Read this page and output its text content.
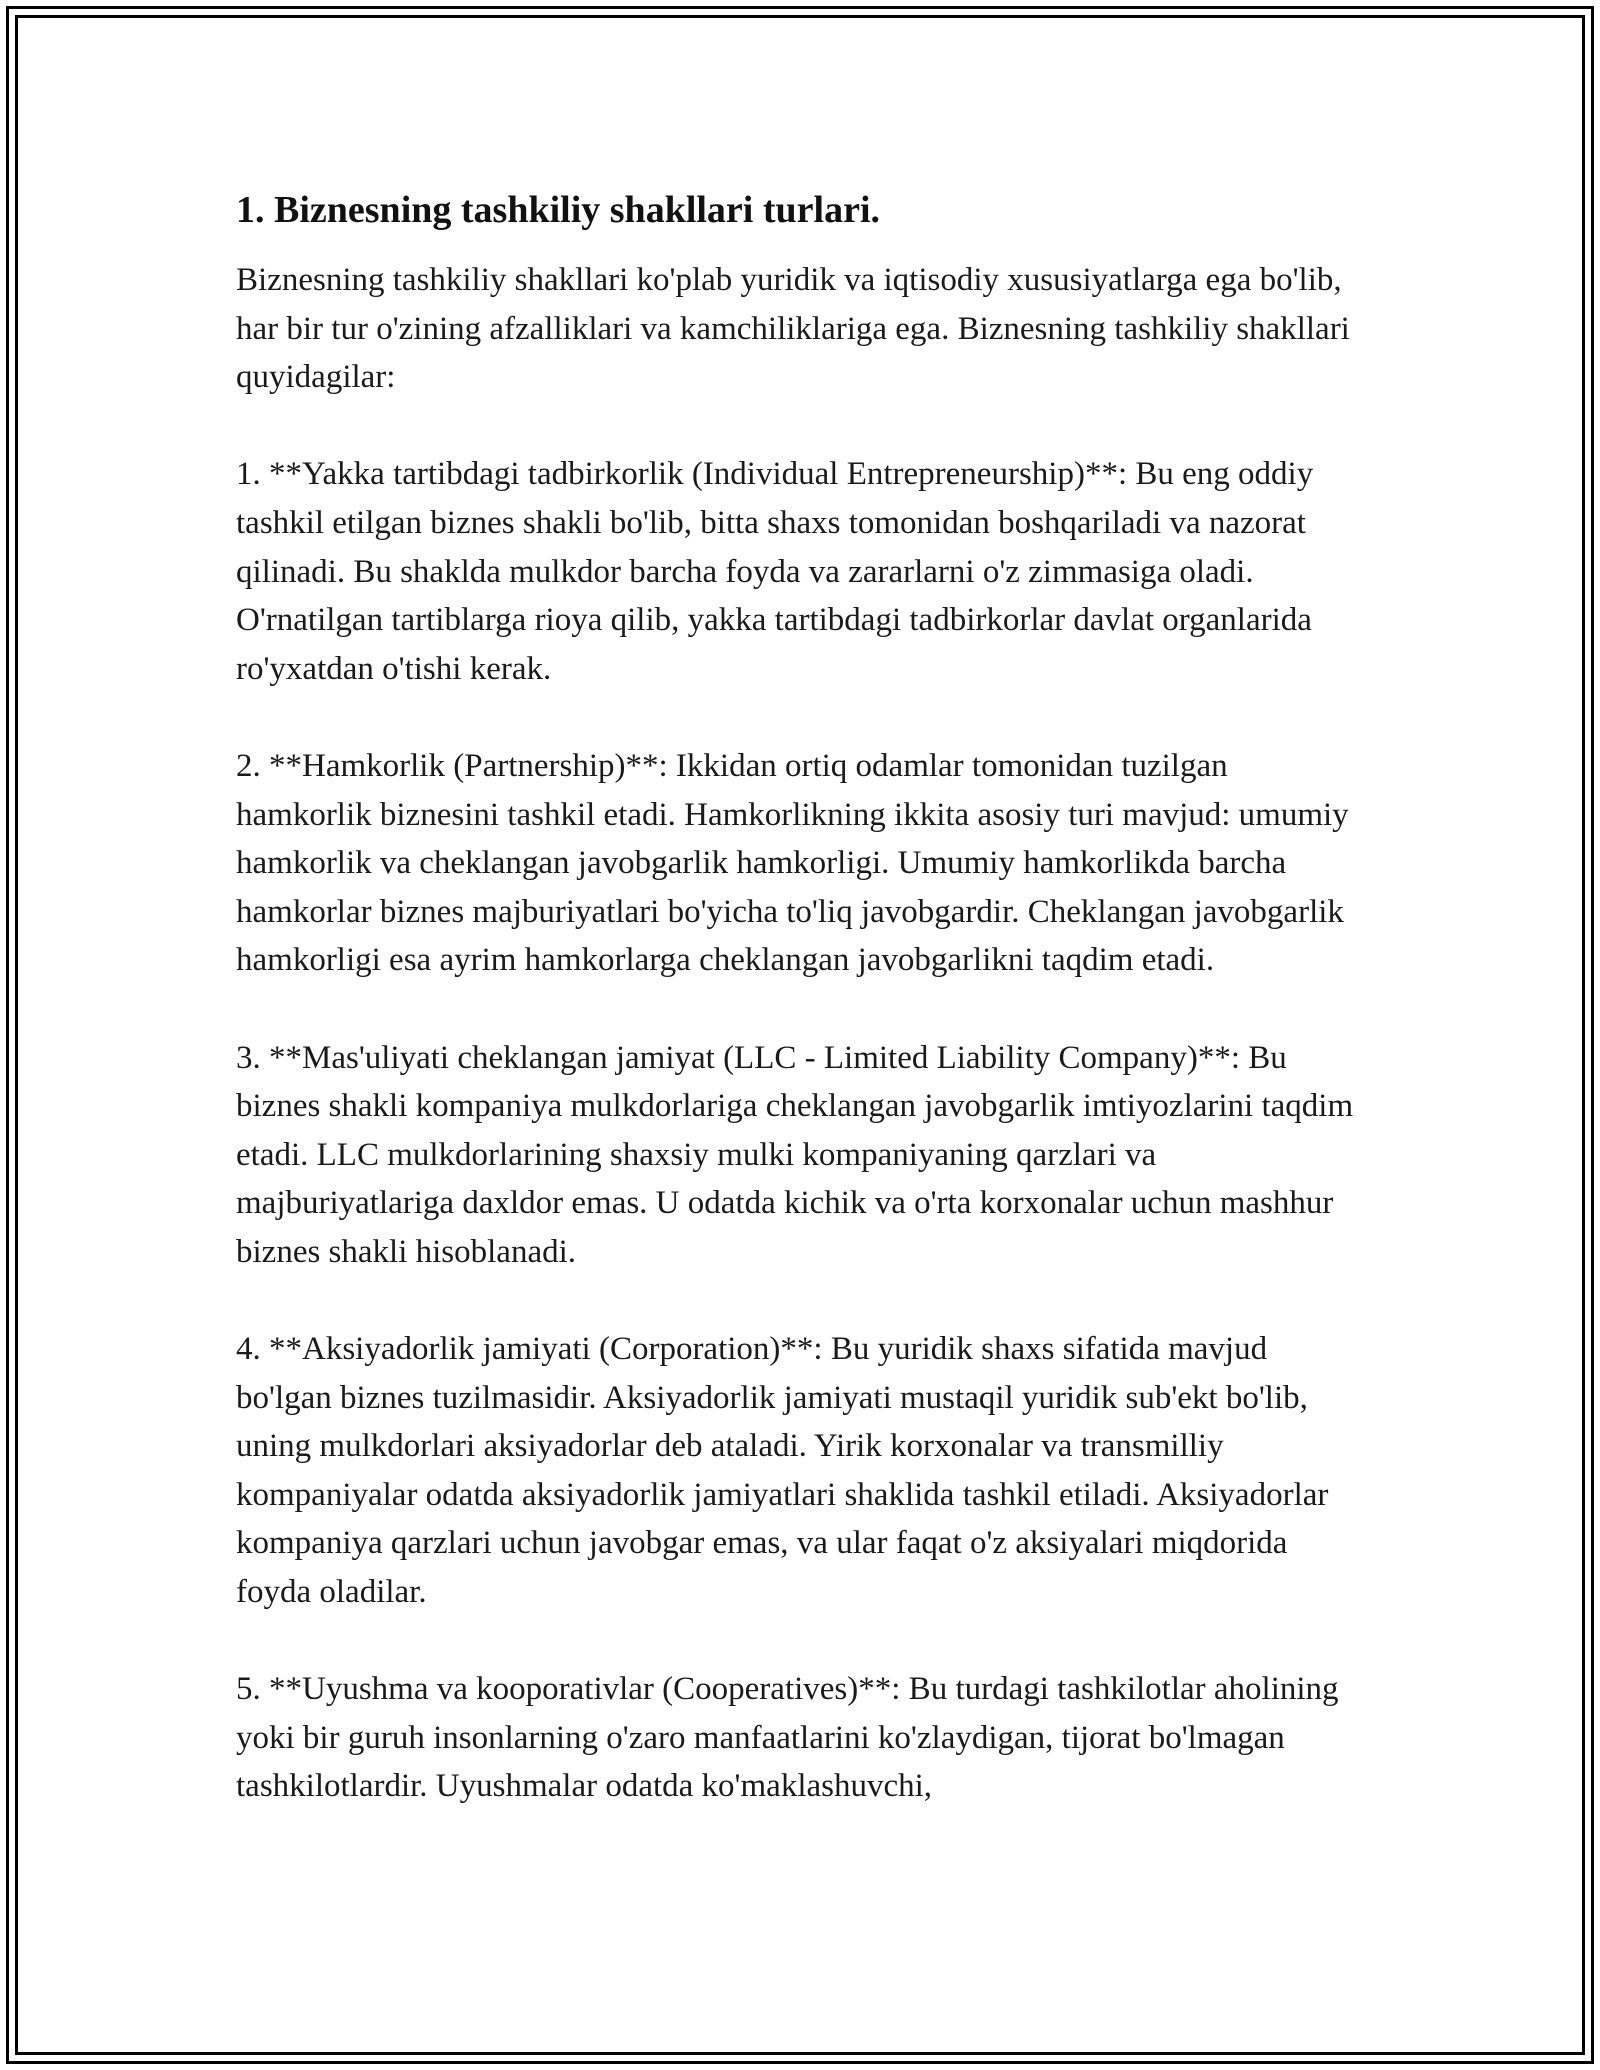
1. Biznesning tashkiliy shakllari turlari.

Biznesning tashkiliy shakllari ko'plab yuridik va iqtisodiy xususiyatlarga ega bo'lib, har bir tur o'zining afzalliklari va kamchiliklariga ega. Biznesning tashkiliy shakllari quyidagilar:

1. **Yakka tartibdagi tadbirkorlik (Individual Entrepreneurship)**: Bu eng oddiy tashkil etilgan biznes shakli bo'lib, bitta shaxs tomonidan boshqariladi va nazorat qilinadi. Bu shaklda mulkdor barcha foyda va zararlarni o'z zimmasiga oladi. O'rnatilgan tartiblarga rioya qilib, yakka tartibdagi tadbirkorlar davlat organlarida ro'yxatdan o'tishi kerak.

2. **Hamkorlik (Partnership)**: Ikkidan ortiq odamlar tomonidan tuzilgan hamkorlik biznesini tashkil etadi. Hamkorlikning ikkita asosiy turi mavjud: umumiy hamkorlik va cheklangan javobgarlik hamkorligi. Umumiy hamkorlikda barcha hamkorlar biznes majburiyatlari bo'yicha to'liq javobgardir. Cheklangan javobgarlik hamkorligi esa ayrim hamkorlarga cheklangan javobgarlikni taqdim etadi.

3. **Mas'uliyati cheklangan jamiyat (LLC - Limited Liability Company)**: Bu biznes shakli kompaniya mulkdorlariga cheklangan javobgarlik imtiyozlarini taqdim etadi. LLC mulkdorlarining shaxsiy mulki kompaniyaning qarzlari va majburiyatlariga daxldor emas. U odatda kichik va o'rta korxonalar uchun mashhur biznes shakli hisoblanadi.

4. **Aksiyadorlik jamiyati (Corporation)**: Bu yuridik shaxs sifatida mavjud bo'lgan biznes tuzilmasidir. Aksiyadorlik jamiyati mustaqil yuridik sub'ekt bo'lib, uning mulkdorlari aksiyadorlar deb ataladi. Yirik korxonalar va transmilliy kompaniyalar odatda aksiyadorlik jamiyatlari shaklida tashkil etiladi. Aksiyadorlar kompaniya qarzlari uchun javobgar emas, va ular faqat o'z aksiyalari miqdorida foyda oladilar.

5. **Uyushma va kooporativlar (Cooperatives)**: Bu turdagi tashkilotlar aholining yoki bir guruh insonlarning o'zaro manfaatlarini ko'zlaydigan, tijorat bo'lmagan tashkilotlardir. Uyushmalar odatda ko'maklashuvchi,
